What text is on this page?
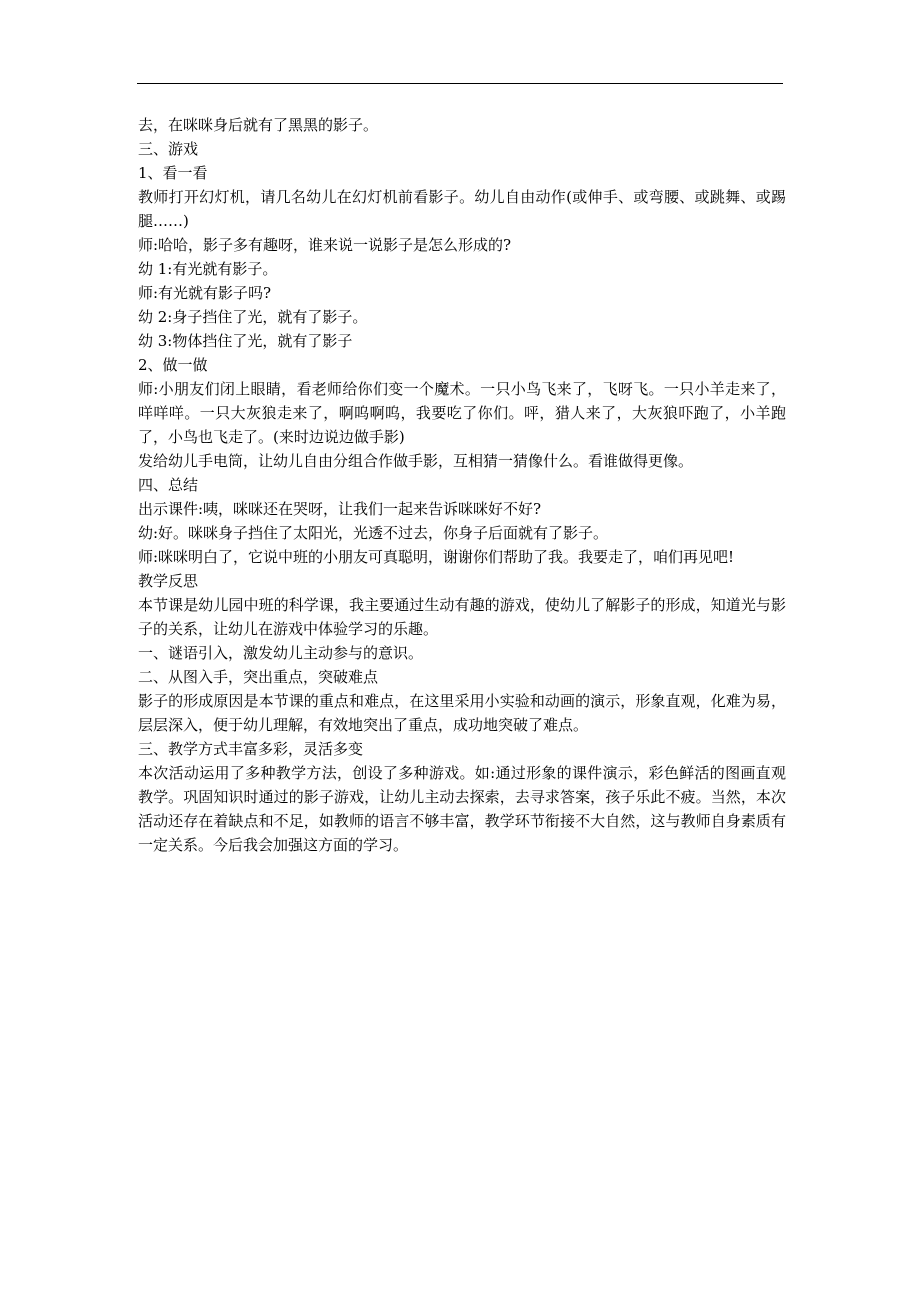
去，在咪咪身后就有了黑黑的影子。

三、游戏

1、看一看

教师打开幻灯机，请几名幼儿在幻灯机前看影子。幼儿自由动作(或伸手、或弯腰、或跳舞、或踢腿……)

师:哈哈，影子多有趣呀，谁来说一说影子是怎么形成的?

幼 1:有光就有影子。

师:有光就有影子吗?

幼 2:身子挡住了光，就有了影子。

幼 3:物体挡住了光，就有了影子

2、做一做

师:小朋友们闭上眼睛，看老师给你们变一个魔术。一只小鸟飞来了，飞呀飞。一只小羊走来了，咩咩咩。一只大灰狼走来了，啊呜啊呜，我要吃了你们。呯，猎人来了，大灰狼吓跑了，小羊跑了，小鸟也飞走了。(来时边说边做手影)

发给幼儿手电筒，让幼儿自由分组合作做手影，互相猜一猜像什么。看谁做得更像。

四、总结

出示课件:咦，咪咪还在哭呀，让我们一起来告诉咪咪好不好?

幼:好。咪咪身子挡住了太阳光，光透不过去，你身子后面就有了影子。

师:咪咪明白了，它说中班的小朋友可真聪明，谢谢你们帮助了我。我要走了，咱们再见吧!

教学反思

本节课是幼儿园中班的科学课，我主要通过生动有趣的游戏，使幼儿了解影子的形成，知道光与影子的关系，让幼儿在游戏中体验学习的乐趣。

一、谜语引入，激发幼儿主动参与的意识。

二、从图入手，突出重点，突破难点

影子的形成原因是本节课的重点和难点，在这里采用小实验和动画的演示，形象直观，化难为易，层层深入，便于幼儿理解，有效地突出了重点，成功地突破了难点。

三、教学方式丰富多彩，灵活多变

本次活动运用了多种教学方法，创设了多种游戏。如:通过形象的课件演示，彩色鲜活的图画直观教学。巩固知识时通过的影子游戏，让幼儿主动去探索，去寻求答案，孩子乐此不疲。当然，本次活动还存在着缺点和不足，如教师的语言不够丰富，教学环节衔接不大自然，这与教师自身素质有一定关系。今后我会加强这方面的学习。
